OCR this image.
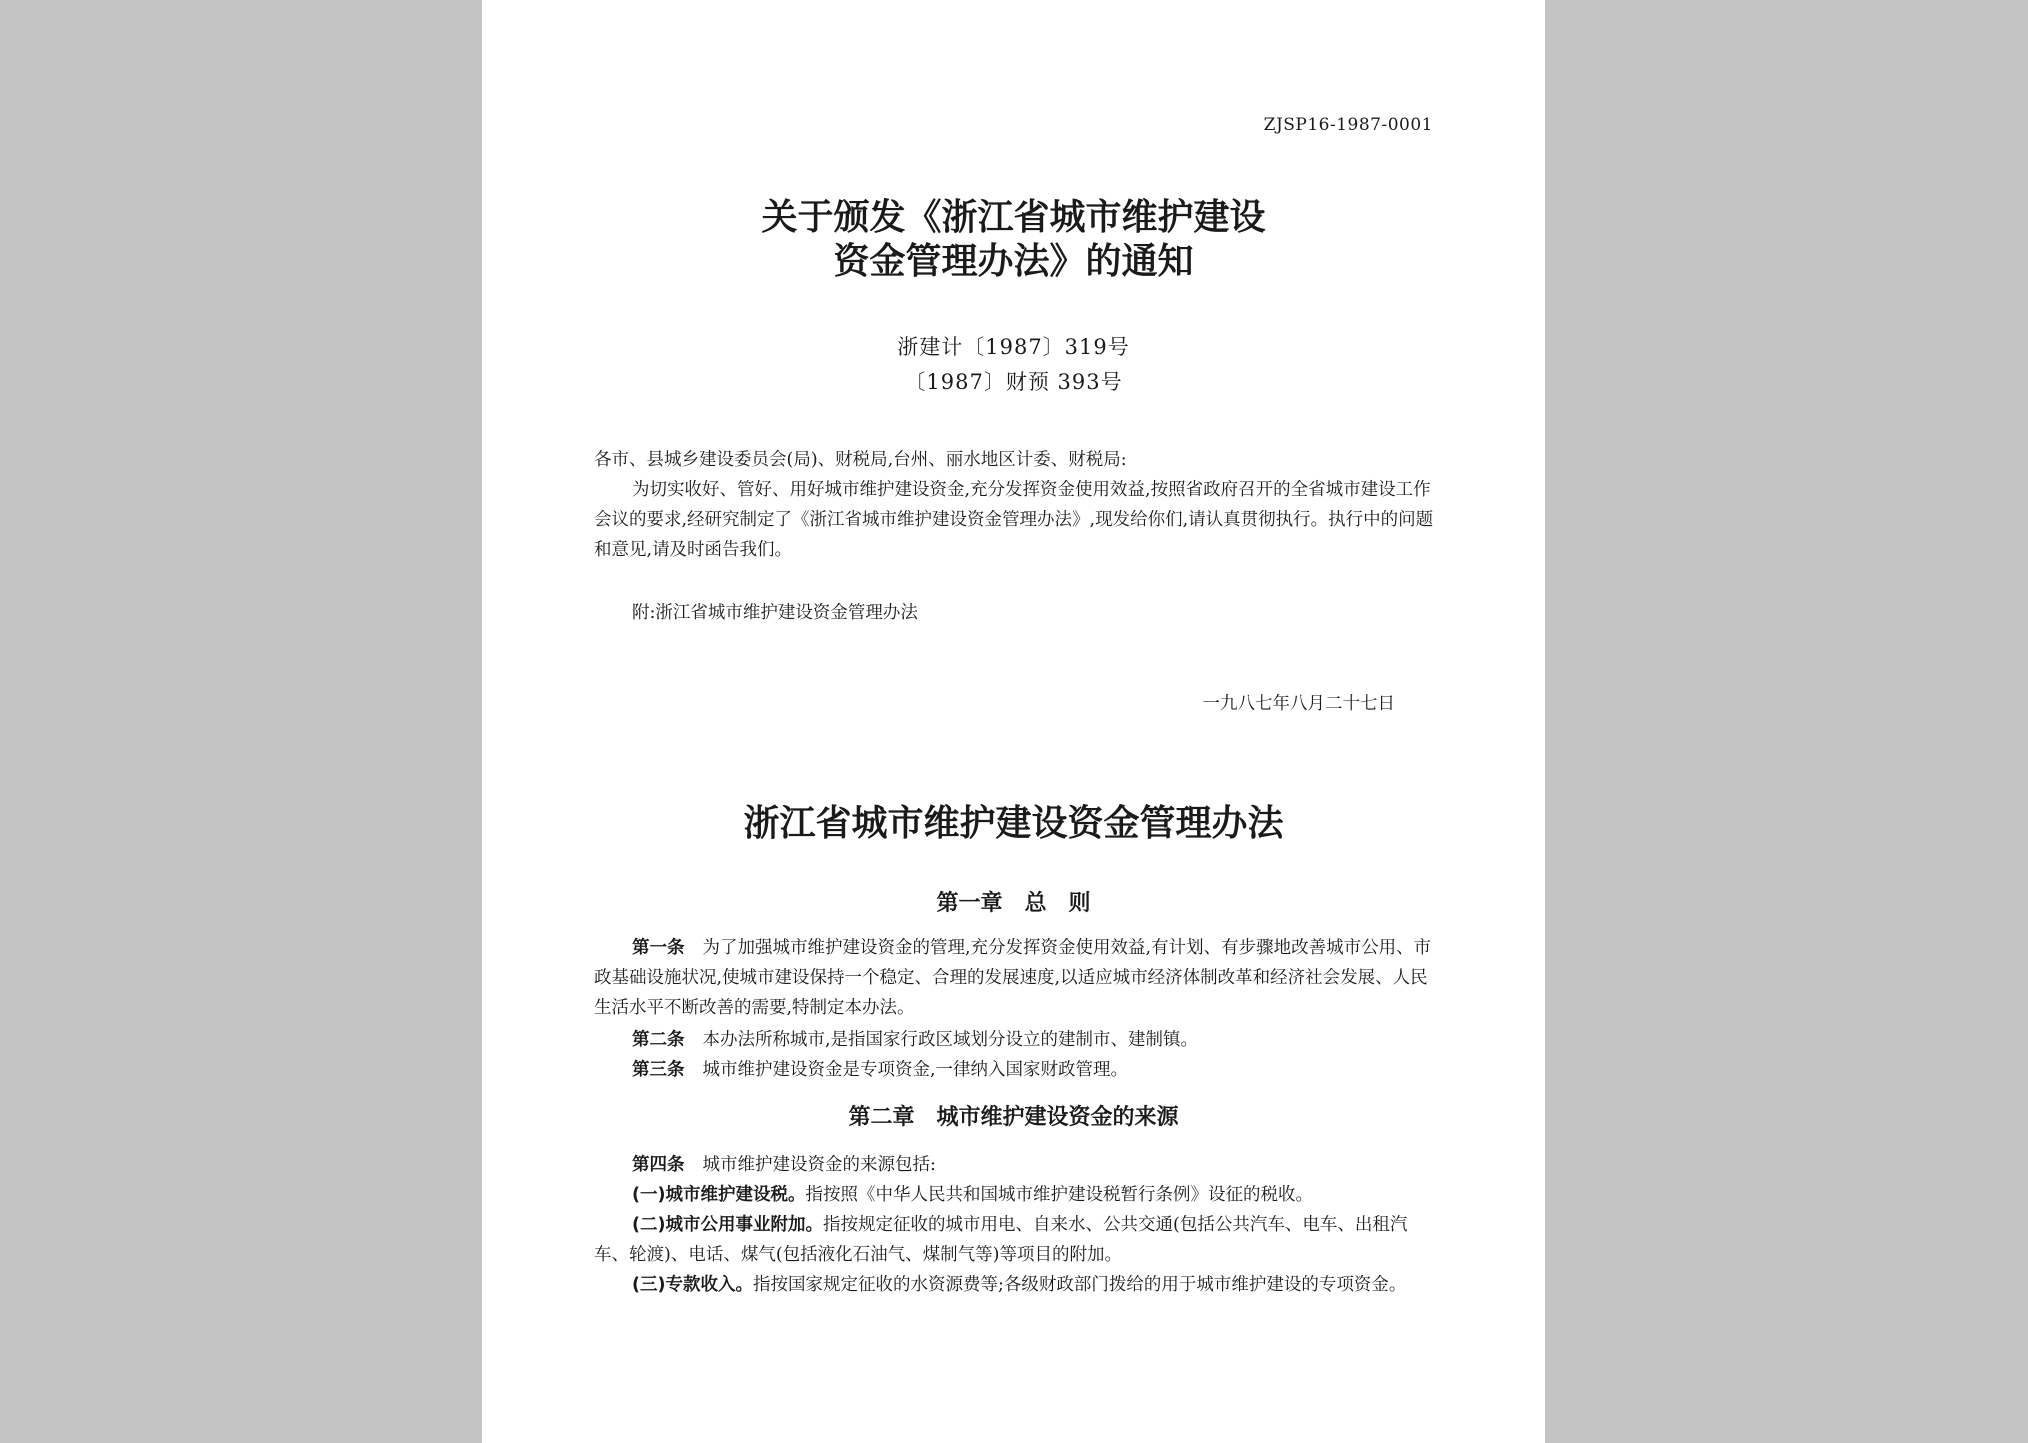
ZJSP16-1987-0001
关于颁发《浙江省城市维护建设
资金管理办法》的通知
浙建计〔1987〕319号
〔1987〕财预 393号
各市、县城乡建设委员会(局)、财税局,台州、丽水地区计委、财税局:
为切实收好、管好、用好城市维护建设资金,充分发挥资金使用效益,按照省政府召开的全省城市建设工作会议的要求,经研究制定了《浙江省城市维护建设资金管理办法》,现发给你们,请认真贯彻执行。执行中的问题和意见,请及时函告我们。
附:浙江省城市维护建设资金管理办法
一九八七年八月二十七日
浙江省城市维护建设资金管理办法
第一章　总　则
第一条 为了加强城市维护建设资金的管理,充分发挥资金使用效益,有计划、有步骤地改善城市公用、市政基础设施状况,使城市建设保持一个稳定、合理的发展速度,以适应城市经济体制改革和经济社会发展、人民生活水平不断改善的需要,特制定本办法。
第二条 本办法所称城市,是指国家行政区域划分设立的建制市、建制镇。
第三条 城市维护建设资金是专项资金,一律纳入国家财政管理。
第二章　城市维护建设资金的来源
第四条 城市维护建设资金的来源包括:
(一)城市维护建设税。指按照《中华人民共和国城市维护建设税暂行条例》设征的税收。
(二)城市公用事业附加。指按规定征收的城市用电、自来水、公共交通(包括公共汽车、电车、出租汽车、轮渡)、电话、煤气(包括液化石油气、煤制气等)等项目的附加。
(三)专款收入。指按国家规定征收的水资源费等;各级财政部门拨给的用于城市维护建设的专项资金。
